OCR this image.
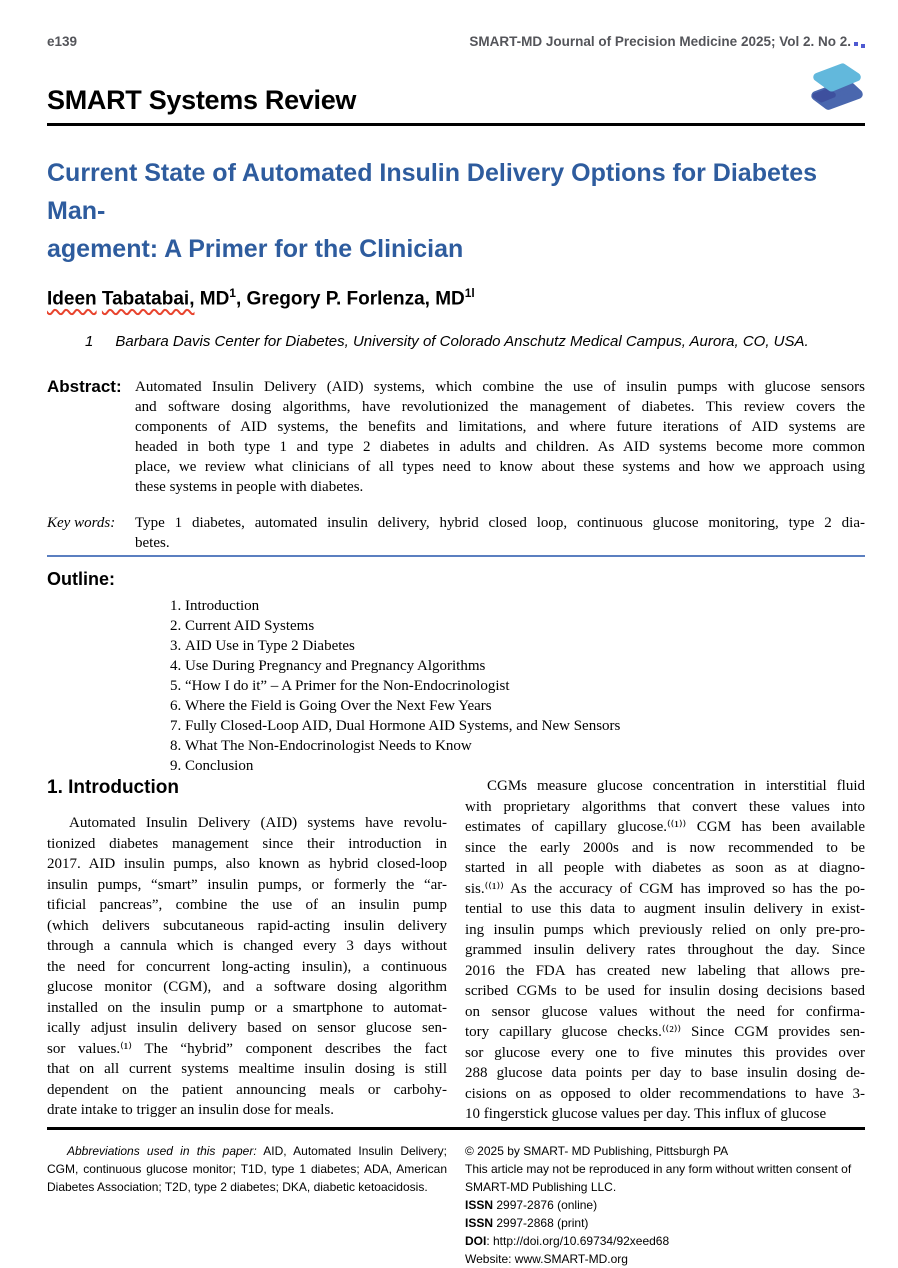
e139	SMART-MD Journal of Precision Medicine 2025; Vol 2. No 2.
SMART Systems Review
Current State of Automated Insulin Delivery Options for Diabetes Man-
agement: A Primer for the Clinician
Ideen Tabatabai, $MD^1$, Gregory P. Forlenza, $MD^{1l}$
1 Barbara Davis Center for Diabetes, University of Colorado Anschutz Medical Campus, Aurora, CO, USA.
Abstract: Automated Insulin Delivery (AID) systems, which combine the use of insulin pumps with glucose sensors
and software dosing algorithms, have revolutionized the management of diabetes. This review covers the
components of AID systems, the benefits and limitations, and where future iterations of AID systems are
headed in both type 1 and type 2 diabetes in adults and children. As AID systems become more common
place, we review what clinicians of all types need to know about these systems and how we approach using
these systems in people with diabetes.
Key words:	Type 1 diabetes, automated insulin delivery, hybrid closed loop, continuous glucose monitoring, type 2 dia-
betes.
Outline:
1. Introduction
2. Current AID Systems
3. AID Use in Type 2 Diabetes
4. Use During Pregnancy and Pregnancy Algorithms
5. “How I do it” – A Primer for the Non-Endocrinologist
6. Where the Field is Going Over the Next Few Years
7. Fully Closed-Loop AID, Dual Hormone AID Systems, and New Sensors
8. What The Non-Endocrinologist Needs to Know
9. Conclusion
1. Introduction
Automated Insulin Delivery (AID) systems have revolu-
tionized diabetes management since their introduction in
2017. AID insulin pumps, also known as hybrid closed-loop
insulin pumps, “smart” insulin pumps, or formerly the “ar-
tificial pancreas”, combine the use of an insulin pump
(which delivers subcutaneous rapid-acting insulin delivery
through a cannula which is changed every 3 days without
the need for concurrent long-acting insulin), a continuous
glucose monitor (CGM), and a software dosing algorithm
installed on the insulin pump or a smartphone to automat-
ically adjust insulin delivery based on sensor glucose sen-
sor values.⁽¹⁾ The “hybrid” component describes the fact
that on all current systems mealtime insulin dosing is still
dependent on the patient announcing meals or carbohy-
drate intake to trigger an insulin dose for meals.
CGMs measure glucose concentration in interstitial fluid
with proprietary algorithms that convert these values into
estimates of capillary glucose.⁽⁽¹⁾⁾ CGM has been available
since the early 2000s and is now recommended to be
started in all people with diabetes as soon as at diagno-
sis.⁽⁽¹⁾⁾ As the accuracy of CGM has improved so has the po-
tential to use this data to augment insulin delivery in exist-
ing insulin pumps which previously relied on only pre-pro-
grammed insulin delivery rates throughout the day. Since
2016 the FDA has created new labeling that allows pre-
scribed CGMs to be used for insulin dosing decisions based
on sensor glucose values without the need for confirma-
tory capillary glucose checks.⁽⁽²⁾⁾ Since CGM provides sen-
sor glucose every one to five minutes this provides over
288 glucose data points per day to base insulin dosing de-
cisions on as opposed to older recommendations to have 3-
10 fingerstick glucose values per day. This influx of glucose

Abbreviations used in this paper: AID, Automated Insulin Delivery; CGM, continuous glucose monitor; T1D, type 1 diabetes; ADA, American Diabetes Association; T2D, type 2 diabetes; DKA, diabetic ketoacidosis.

© 2025 by SMART- MD Publishing, Pittsburgh PA
This article may not be reproduced in any form without written consent of SMART-MD Publishing LLC.
ISSN 2997-2876 (online)
ISSN 2997-2868 (print)
DOI: http://doi.org/10.69734/92xeed68
Website: www.SMART-MD.org
